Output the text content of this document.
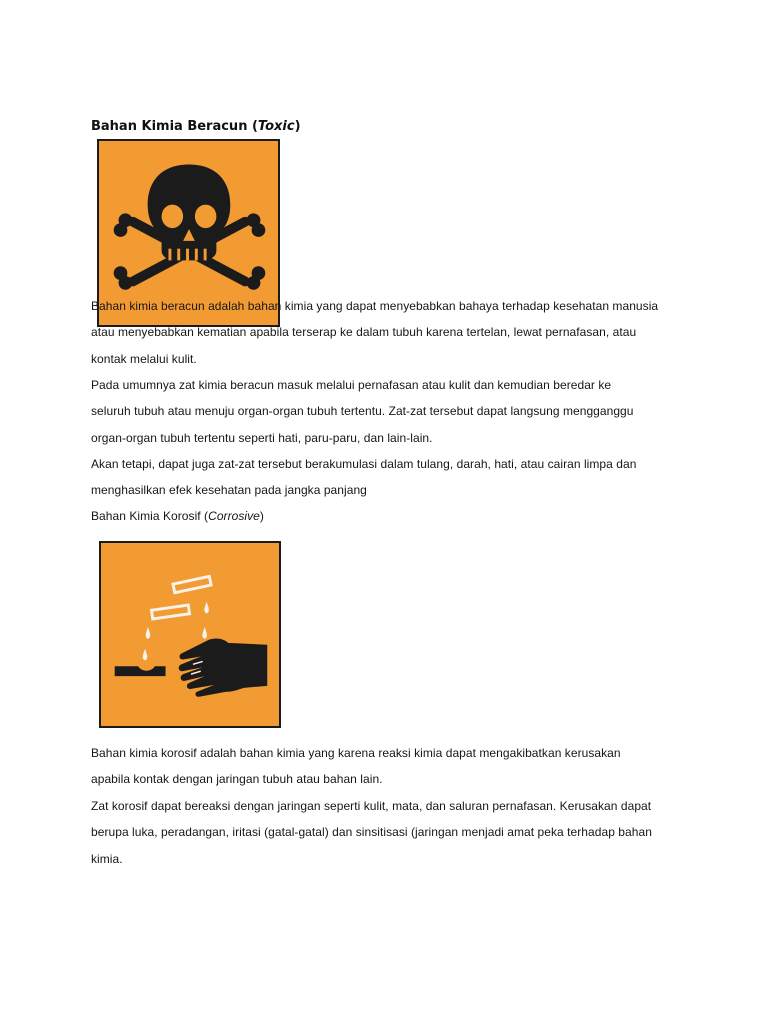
Bahan Kimia Beracun (Toxic)
Bahan kimia beracun adalah bahan kimia yang dapat menyebabkan bahaya terhadap kesehatan manusia
atau menyebabkan kematian apabila terserap ke dalam tubuh karena tertelan, lewat pernafasan, atau
kontak melalui kulit.
Pada umumnya zat kimia beracun masuk melalui pernafasan atau kulit dan kemudian beredar ke
seluruh tubuh atau menuju organ-organ tubuh tertentu. Zat-zat tersebut dapat langsung mengganggu
organ-organ tubuh tertentu seperti hati, paru-paru, dan lain-lain.
Akan tetapi, dapat juga zat-zat tersebut berakumulasi dalam tulang, darah, hati, atau cairan limpa dan
menghasilkan efek kesehatan pada jangka panjang
Bahan Kimia Korosif (Corrosive)
Bahan kimia korosif adalah bahan kimia yang karena reaksi kimia dapat mengakibatkan kerusakan
apabila kontak dengan jaringan tubuh atau bahan lain.
Zat korosif dapat bereaksi dengan jaringan seperti kulit, mata, dan saluran pernafasan. Kerusakan dapat
berupa luka, peradangan, iritasi (gatal-gatal) dan sinsitisasi (jaringan menjadi amat peka terhadap bahan
kimia.
